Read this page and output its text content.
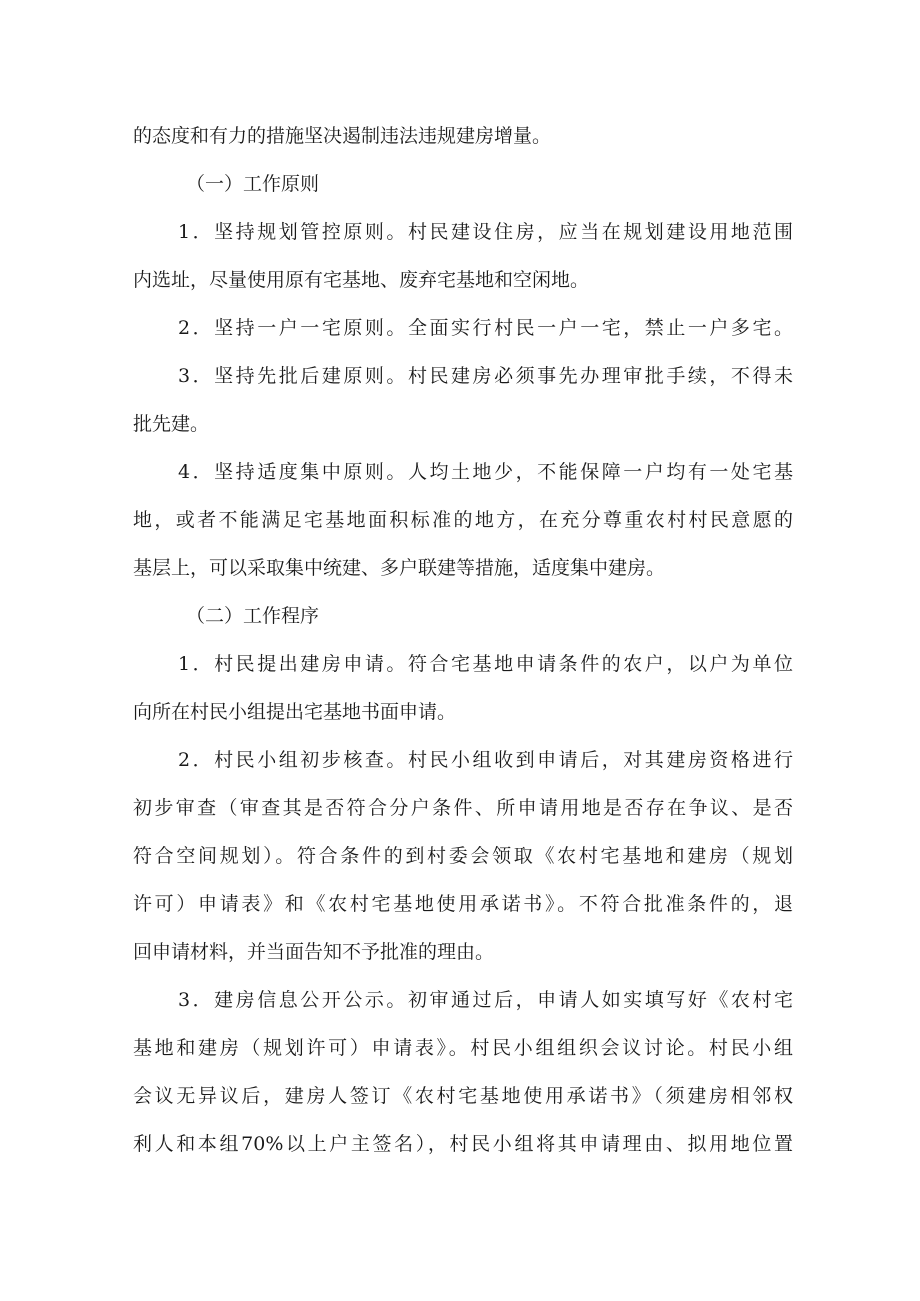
的态度和有力的措施坚决遏制违法违规建房增量。
（一）工作原则
1．坚持规划管控原则。村民建设住房，应当在规划建设用地范围
内选址，尽量使用原有宅基地、废弃宅基地和空闲地。
2．坚持一户一宅原则。全面实行村民一户一宅，禁止一户多宅。
3．坚持先批后建原则。村民建房必须事先办理审批手续，不得未
批先建。
4．坚持适度集中原则。人均土地少，不能保障一户均有一处宅基
地，或者不能满足宅基地面积标准的地方，在充分尊重农村村民意愿的
基层上，可以采取集中统建、多户联建等措施，适度集中建房。
（二）工作程序
1．村民提出建房申请。符合宅基地申请条件的农户，以户为单位
向所在村民小组提出宅基地书面申请。
2．村民小组初步核查。村民小组收到申请后，对其建房资格进行
初步审查（审查其是否符合分户条件、所申请用地是否存在争议、是否
符合空间规划）。符合条件的到村委会领取《农村宅基地和建房（规划
许可）申请表》和《农村宅基地使用承诺书》。不符合批准条件的，退
回申请材料，并当面告知不予批准的理由。
3．建房信息公开公示。初审通过后，申请人如实填写好《农村宅
基地和建房（规划许可）申请表》。村民小组组织会议讨论。村民小组
会议无异议后，建房人签订《农村宅基地使用承诺书》（须建房相邻权
利人和本组70%以上户主签名），村民小组将其申请理由、拟用地位置
